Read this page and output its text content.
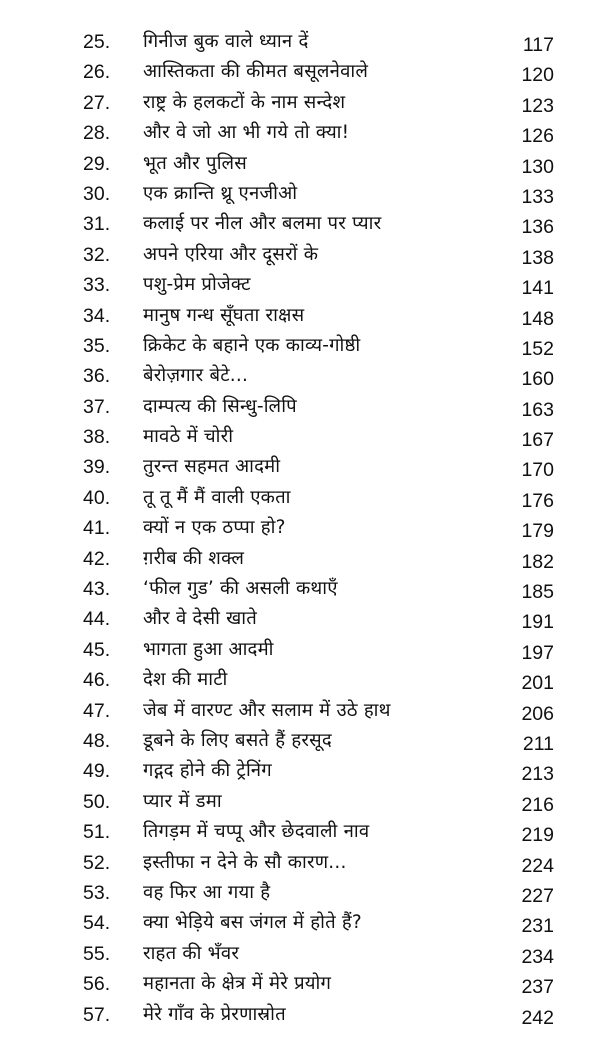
25. गिनीज बुक वाले ध्यान दें	117
26. आस्तिकता की कीमत बसूलनेवाले	120
27. राष्ट्र के हलकटों के नाम सन्देश	123
28. और वे जो आ भी गये तो क्या!	126
29. भूत और पुलिस	130
30. एक क्रान्ति थ्रू एनजीओ	133
31. कलाई पर नील और बलमा पर प्यार	136
32. अपने एरिया और दूसरों के	138
33. पशु-प्रेम प्रोजेक्ट	141
34. मानुष गन्ध सूँघता राक्षस	148
35. क्रिकेट के बहाने एक काव्य-गोष्ठी	152
36. बेरोज़गार बेटे...	160
37. दाम्पत्य की सिन्धु-लिपि	163
38. मावठे में चोरी	167
39. तुरन्त सहमत आदमी	170
40. तू तू मैं मैं वाली एकता	176
41. क्यों न एक ठप्पा हो?	179
42. ग़रीब की शक्ल	182
43. ‘फील गुड’ की असली कथाएँ	185
44. और वे देसी खाते	191
45. भागता हुआ आदमी	197
46. देश की माटी	201
47. जेब में वारण्ट और सलाम में उठे हाथ	206
48. डूबने के लिए बसते हैं हरसूद	211
49. गद्गद होने की ट्रेनिंग	213
50. प्यार में डमा	216
51. तिगड़म में चप्पू और छेदवाली नाव	219
52. इस्तीफा न देने के सौ कारण...	224
53. वह फिर आ गया है	227
54. क्या भेड़िये बस जंगल में होते हैं?	231
55. राहत की भँवर	234
56. महानता के क्षेत्र में मेरे प्रयोग	237
57. मेरे गाँव के प्रेरणास्रोत	242
